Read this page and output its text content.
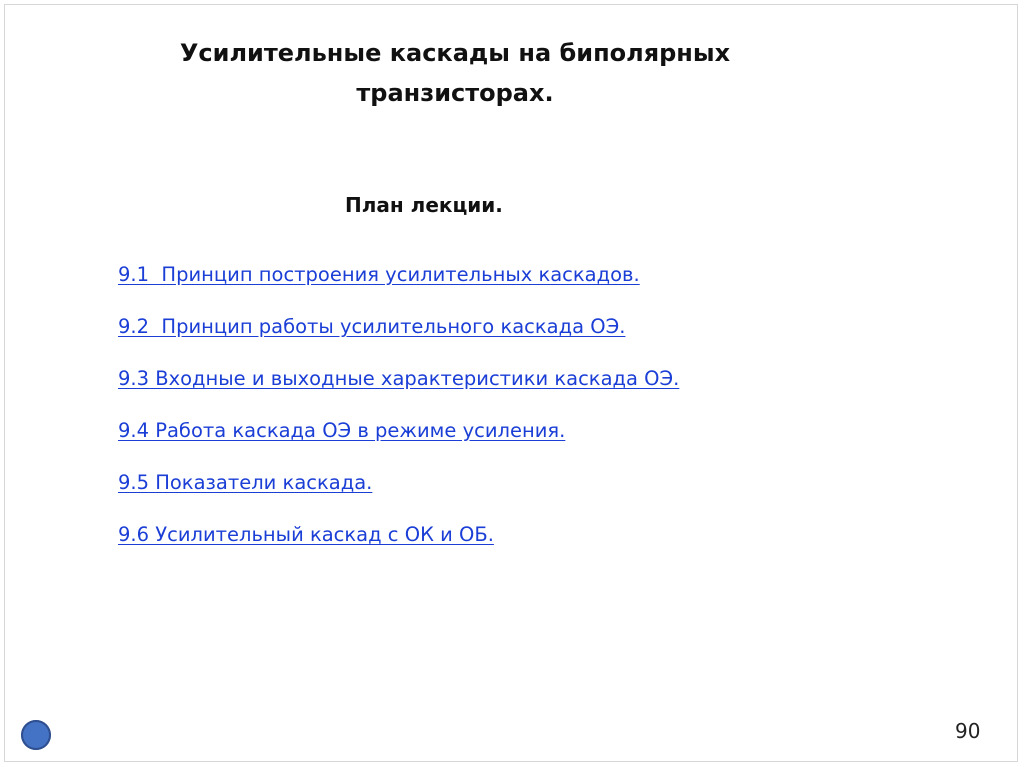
Усилительные каскады на биполярных
транзисторах.
План лекции.
9.1  Принцип построения усилительных каскадов.
9.2  Принцип работы усилительного каскада ОЭ.
9.3 Входные и выходные характеристики каскада ОЭ.
9.4 Работа каскада ОЭ в режиме усиления.
9.5 Показатели каскада.
9.6 Усилительный каскад с ОК и ОБ.
90
